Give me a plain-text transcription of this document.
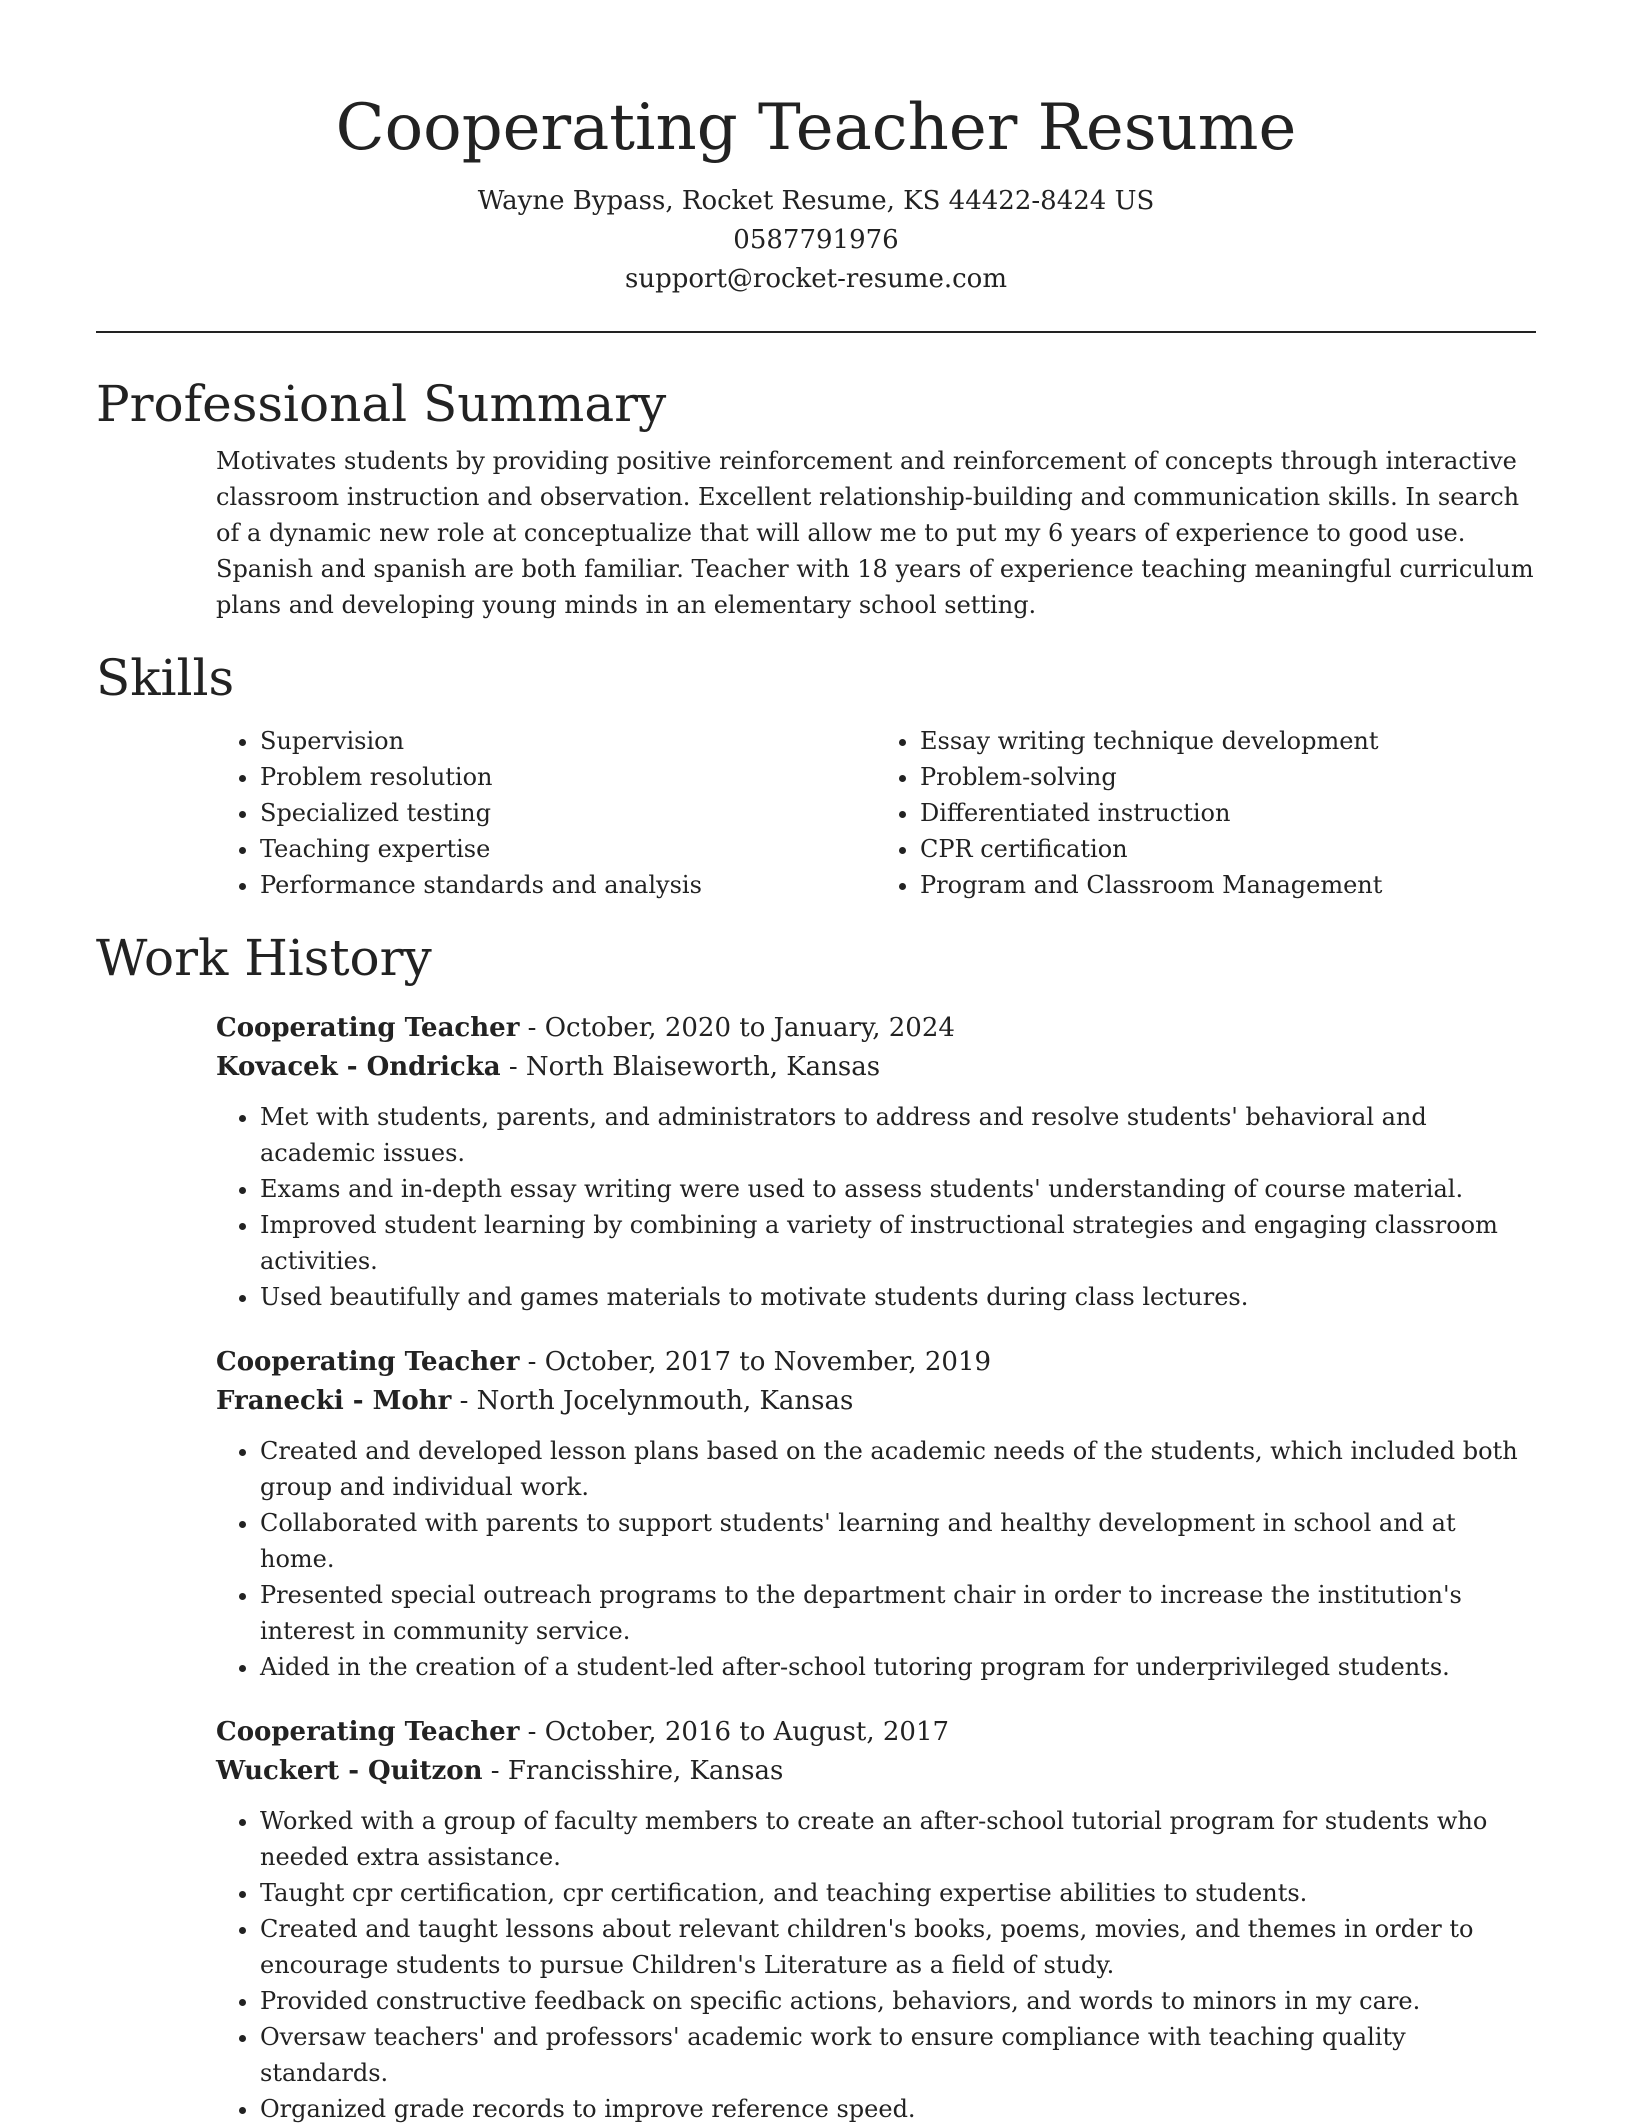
Cooperating Teacher Resume

Wayne Bypass, Rocket Resume, KS 44422-8424 US

0587791976

support@rocket-resume.com

Professional Summary

Motivates students by providing positive reinforcement and reinforcement of concepts through interactive classroom instruction and observation. Excellent relationship-building and communication skills. In search of a dynamic new role at conceptualize that will allow me to put my 6 years of experience to good use. Spanish and spanish are both familiar. Teacher with 18 years of experience teaching meaningful curriculum plans and developing young minds in an elementary school setting.

Skills
• Supervision
• Problem resolution
• Specialized testing
• Teaching expertise
• Performance standards and analysis
• Essay writing technique development
• Problem-solving
• Differentiated instruction
• CPR certification
• Program and Classroom Management
Work History

Cooperating Teacher - October, 2020 to January, 2024

Kovacek - Ondricka - North Blaiseworth, Kansas

• Met with students, parents, and administrators to address and resolve students' behavioral and academic issues.
• Exams and in-depth essay writing were used to assess students' understanding of course material.
• Improved student learning by combining a variety of instructional strategies and engaging classroom activities.
• Used beautifully and games materials to motivate students during class lectures.

Cooperating Teacher - October, 2017 to November, 2019

Franecki - Mohr - North Jocelynmouth, Kansas

• Created and developed lesson plans based on the academic needs of the students, which included both group and individual work.
• Collaborated with parents to support students' learning and healthy development in school and at home.
• Presented special outreach programs to the department chair in order to increase the institution's interest in community service.
• Aided in the creation of a student-led after-school tutoring program for underprivileged students.

Cooperating Teacher - October, 2016 to August, 2017

Wuckert - Quitzon - Francisshire, Kansas

• Worked with a group of faculty members to create an after-school tutorial program for students who needed extra assistance.
• Taught cpr certification, cpr certification, and teaching expertise abilities to students.
• Created and taught lessons about relevant children's books, poems, movies, and themes in order to encourage students to pursue Children's Literature as a field of study.
• Provided constructive feedback on specific actions, behaviors, and words to minors in my care.
• Oversaw teachers' and professors' academic work to ensure compliance with teaching quality standards.
• Organized grade records to improve reference speed.
